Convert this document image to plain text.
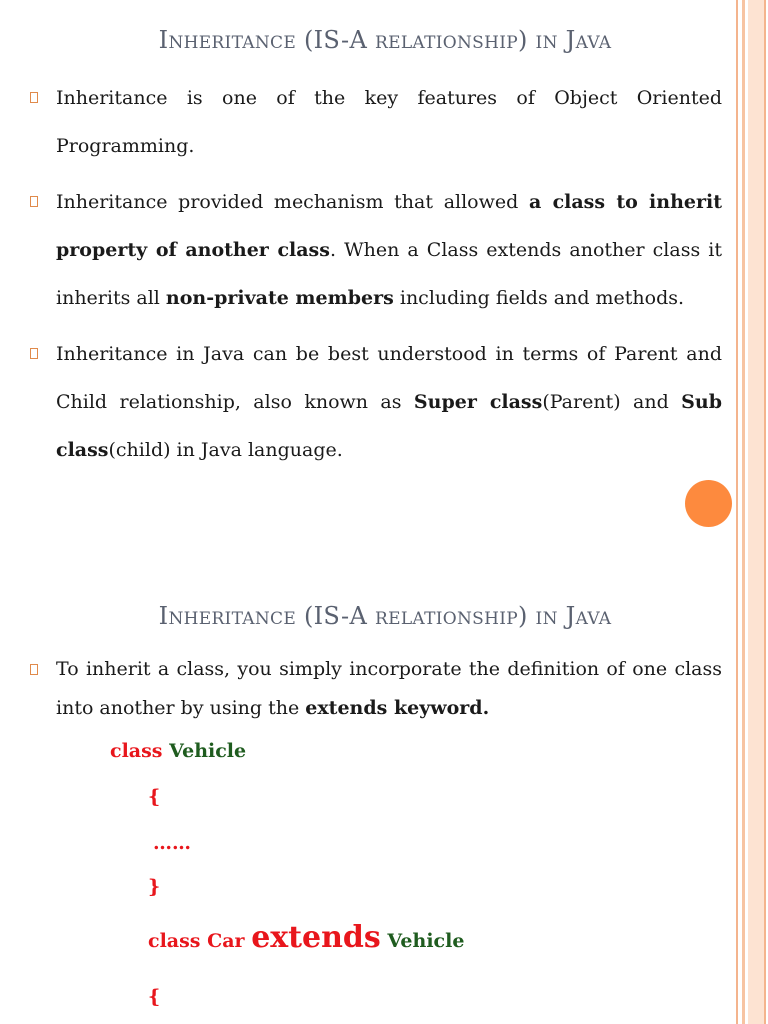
Inheritance (IS-A relationship) in Java
Inheritance is one of the key features of Object Oriented Programming.
Inheritance provided mechanism that allowed a class to inherit property of another class. When a Class extends another class it inherits all non-private members including fields and methods.
Inheritance in Java can be best understood in terms of Parent and Child relationship, also known as Super class(Parent) and Sub class(child) in Java language.
Inheritance (IS-A relationship) in Java
To inherit a class, you simply incorporate the definition of one class into another by using the extends keyword.
class Vehicle
{
……
}
class Car extends Vehicle
{
